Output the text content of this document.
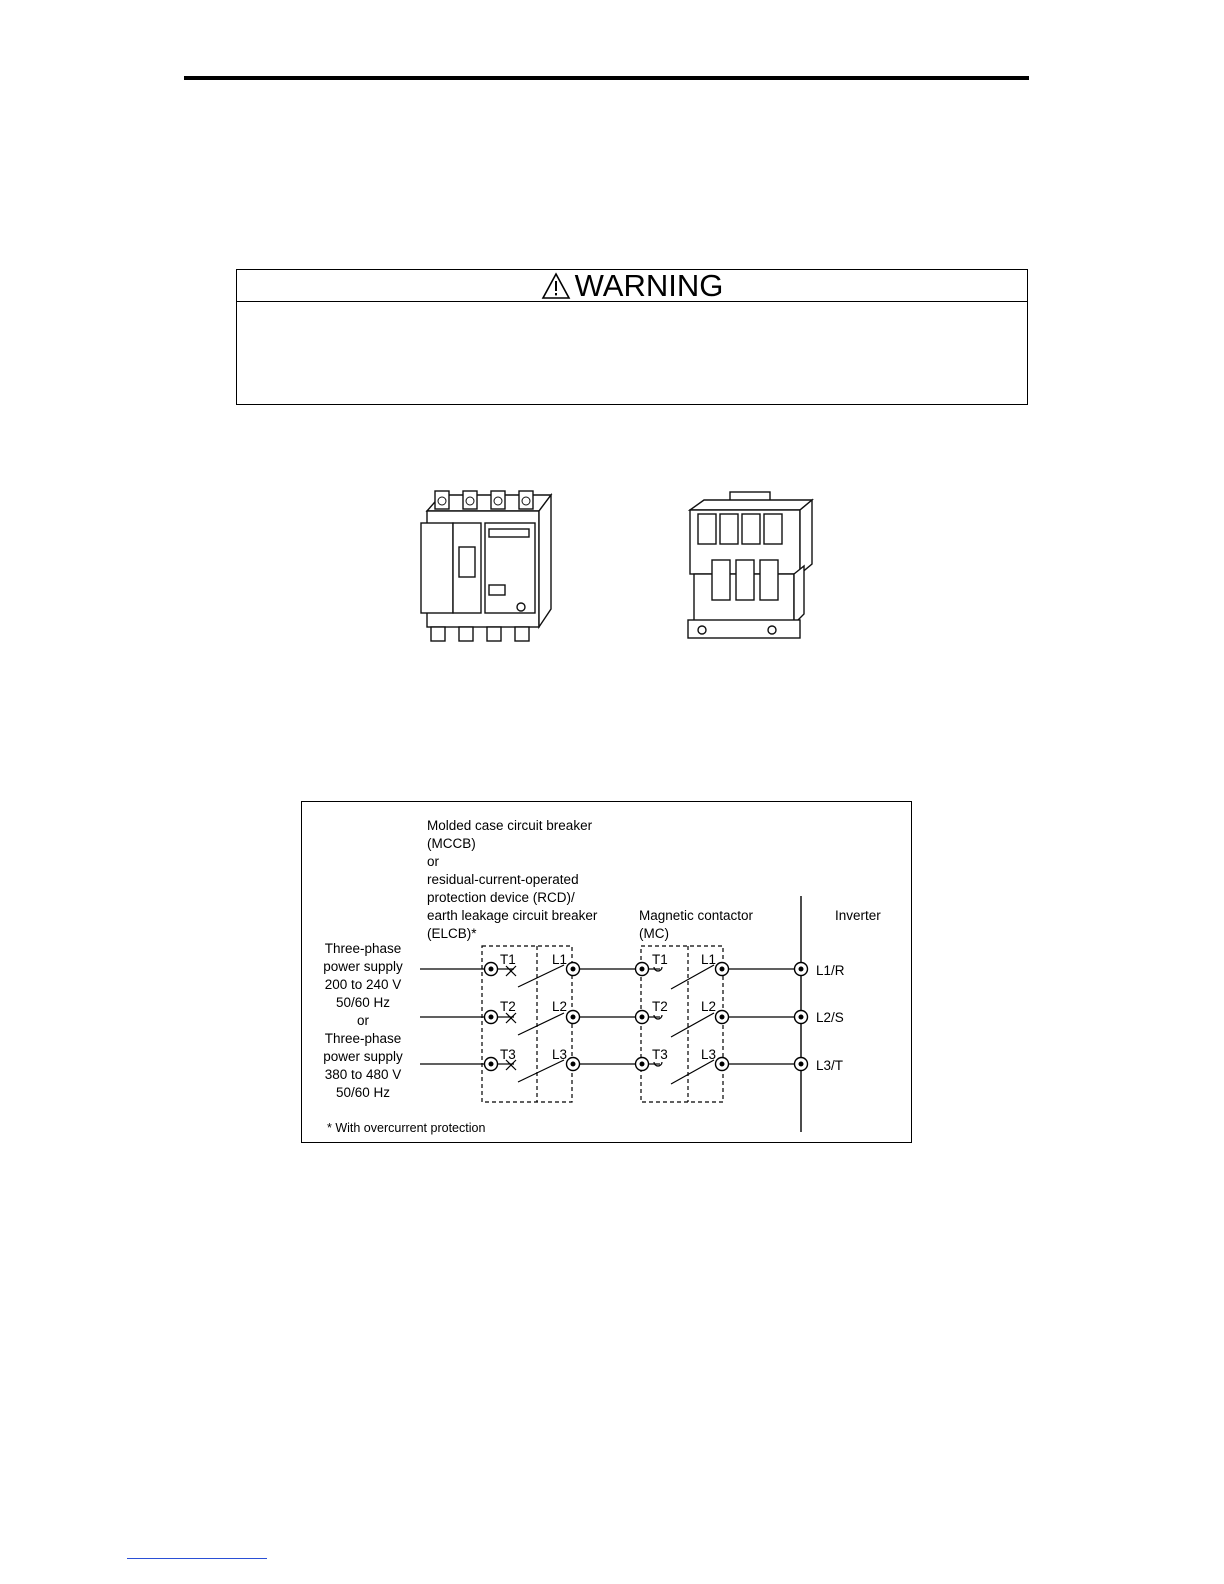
WARNING
Molded case circuit breaker
(MCCB)
or
residual-current-operated
protection device (RCD)/
earth leakage circuit breaker
(ELCB)*
Magnetic contactor
(MC)
Inverter
Three-phase
power supply
200 to 240 V
50/60 Hz
or
Three-phase
power supply
380 to 480 V
50/60 Hz
* With overcurrent protection
T1
T2
T3
L1
L2
L3
T1
T2
T3
L1
L2
L3
L1/R
L2/S
L3/T
